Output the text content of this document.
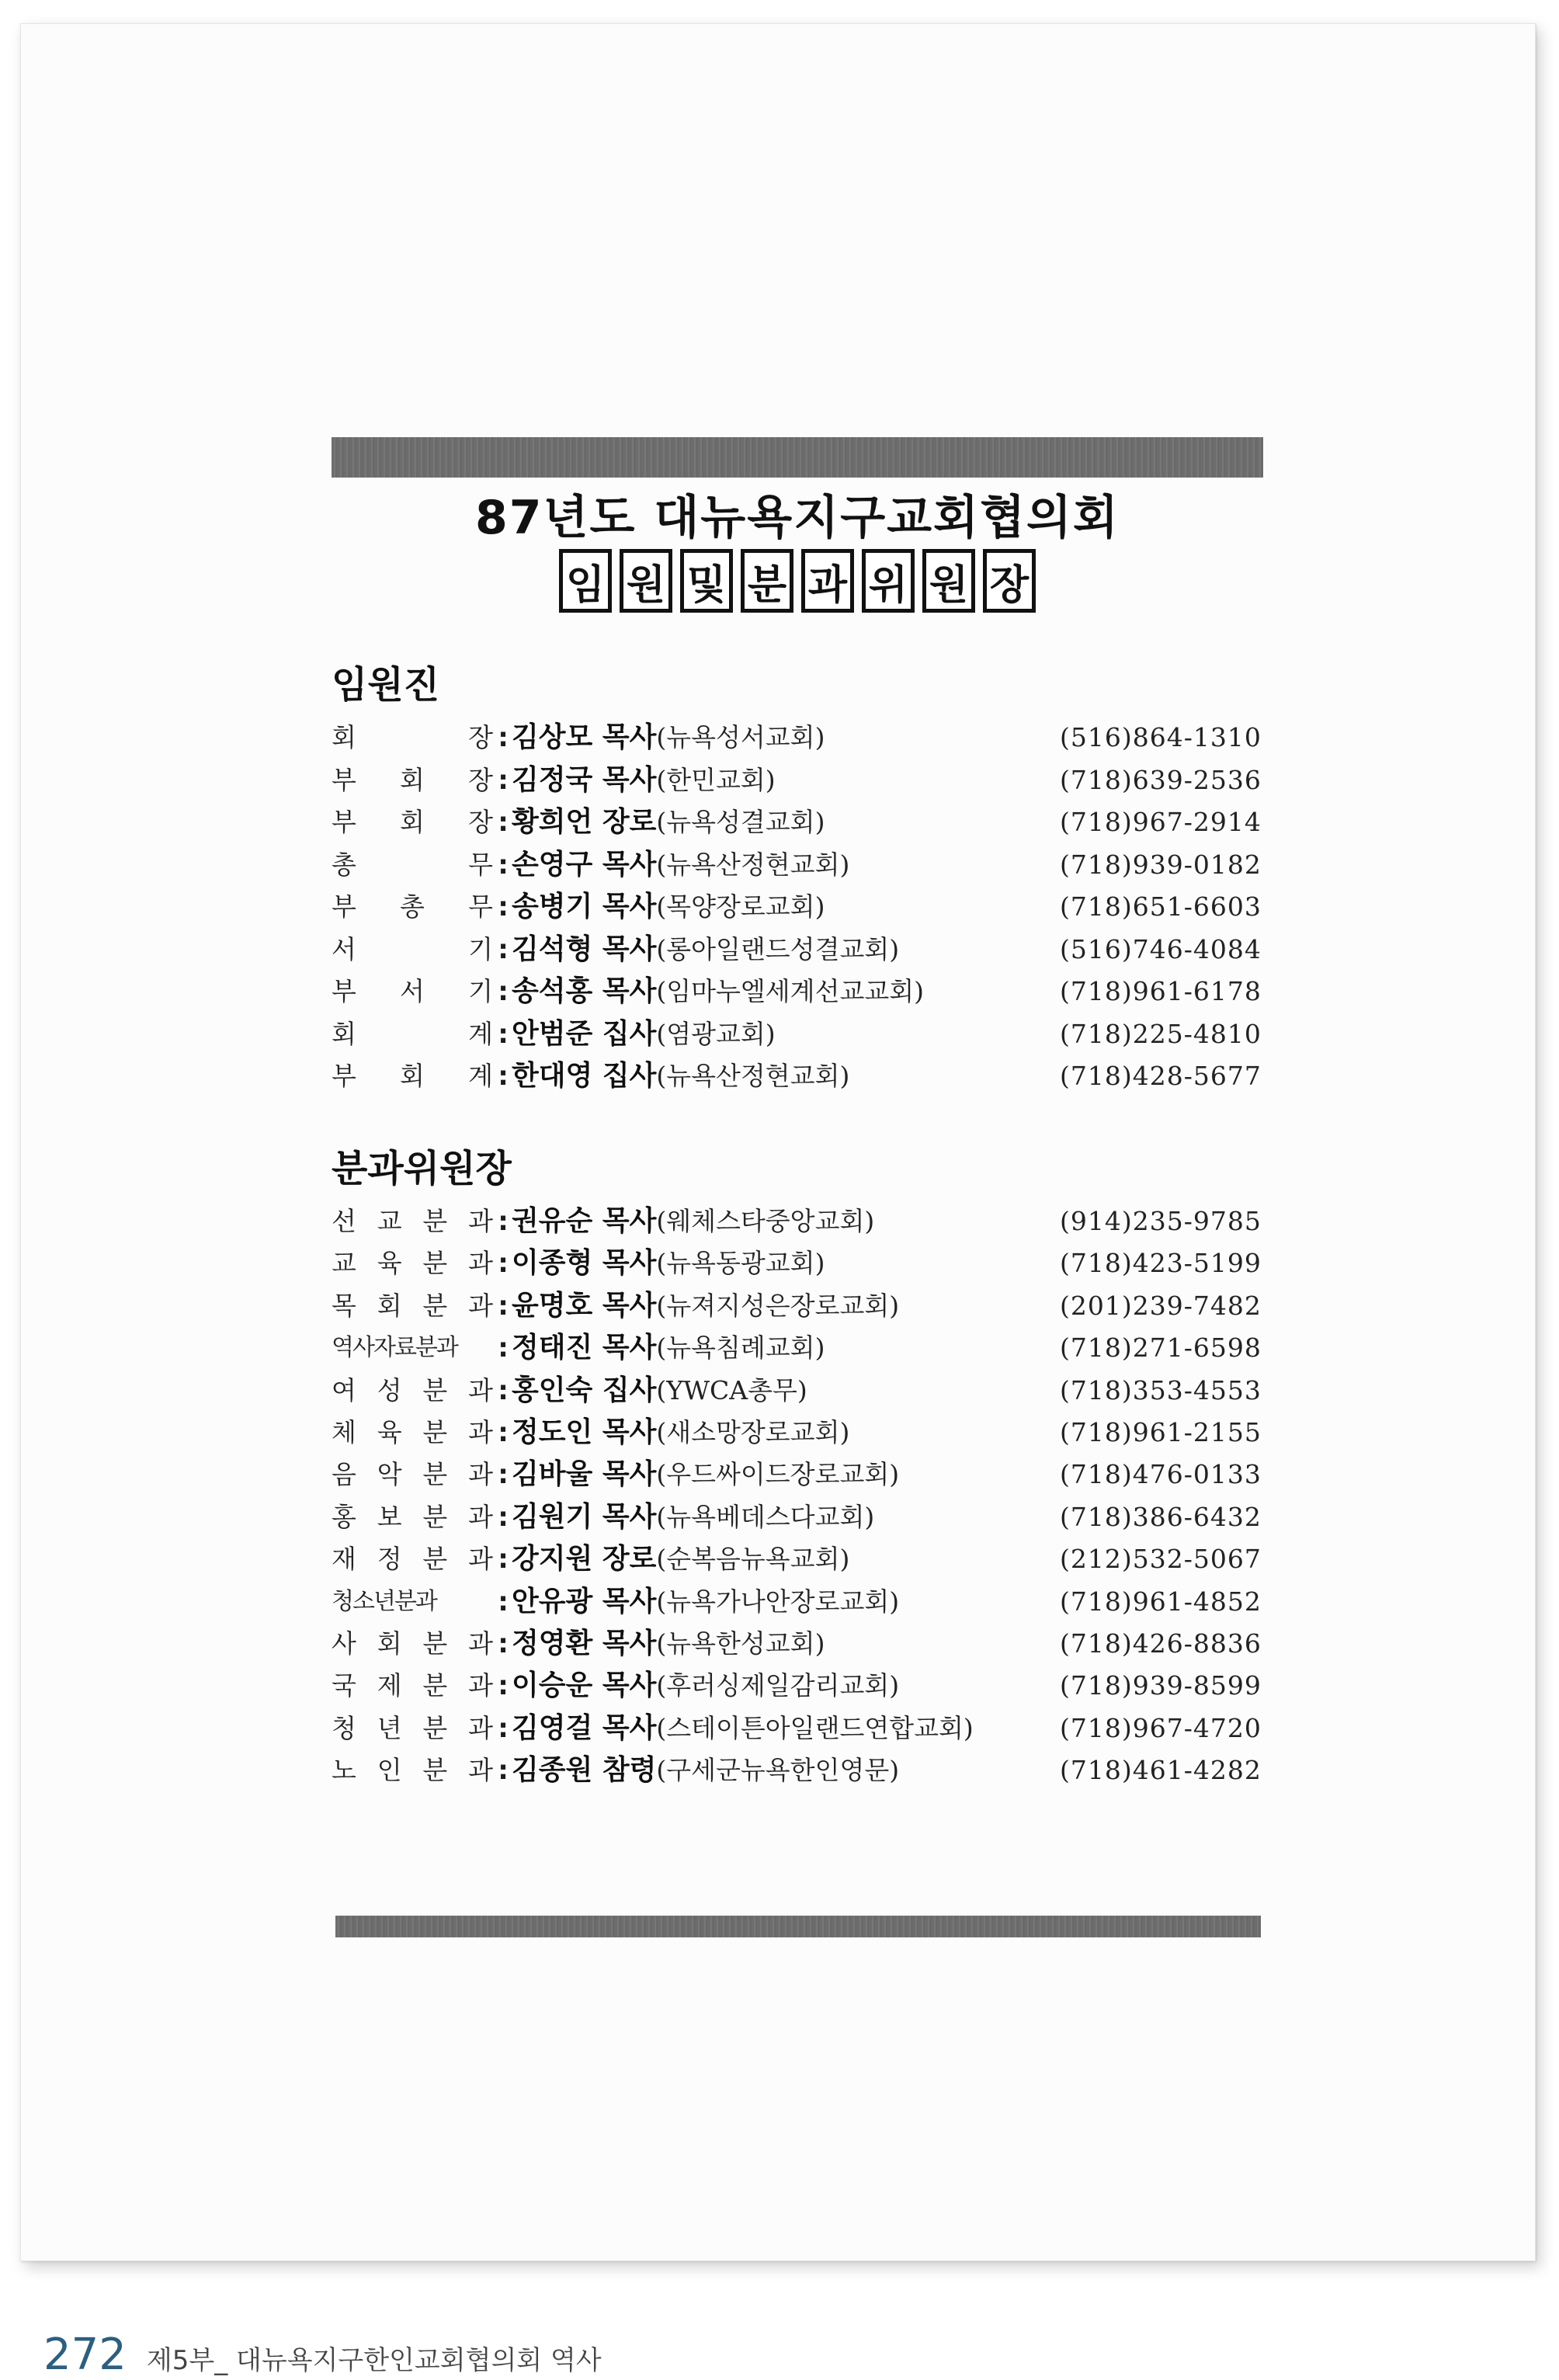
87년도 대뉴욕지구교회협의회
임 원 및 분 과 위 원 장
임원진
회	장 : 김상모 목사(뉴욕성서교회)	(516)864-1310
부 회 장 : 김정국 목사(한민교회)	(718)639-2536
부 회 장 : 황희언 장로(뉴욕성결교회)	(718)967-2914
총	무 : 손영구 목사(뉴욕산정현교회)	(718)939-0182
부 총 무 : 송병기 목사(목양장로교회)	(718)651-6603
서	기 : 김석형 목사(롱아일랜드성결교회)	(516)746-4084
부 서 기 : 송석홍 목사(임마누엘세계선교교회)	(718)961-6178
회	계 : 안범준 집사(염광교회)	(718)225-4810
부 회 계 : 한대영 집사(뉴욕산정현교회)	(718)428-5677
분과위원장
선 교 분 과 : 권유순 목사(웨체스타중앙교회)	(914)235-9785
교 육 분 과 : 이종형 목사(뉴욕동광교회)	(718)423-5199
목 회 분 과 : 윤명호 목사(뉴져지성은장로교회)	(201)239-7482
역사자료분과 : 정태진 목사(뉴욕침례교회)	(718)271-6598
여 성 분 과 : 홍인숙 집사(YWCA총무)	(718)353-4553
체 육 분 과 : 정도인 목사(새소망장로교회)	(718)961-2155
음 악 분 과 : 김바울 목사(우드싸이드장로교회)	(718)476-0133
홍 보 분 과 : 김원기 목사(뉴욕베데스다교회)	(718)386-6432
재 정 분 과 : 강지원 장로(순복음뉴욕교회)	(212)532-5067
청소년분과 : 안유광 목사(뉴욕가나안장로교회)	(718)961-4852
사 회 분 과 : 정영환 목사(뉴욕한성교회)	(718)426-8836
국 제 분 과 : 이승운 목사(후러싱제일감리교회)	(718)939-8599
청 년 분 과 : 김영걸 목사(스테이튼아일랜드연합교회)	(718)967-4720
노 인 분 과 : 김종원 참령(구세군뉴욕한인영문)	(718)461-4282
272 제5부_ 대뉴욕지구한인교회협의회 역사
